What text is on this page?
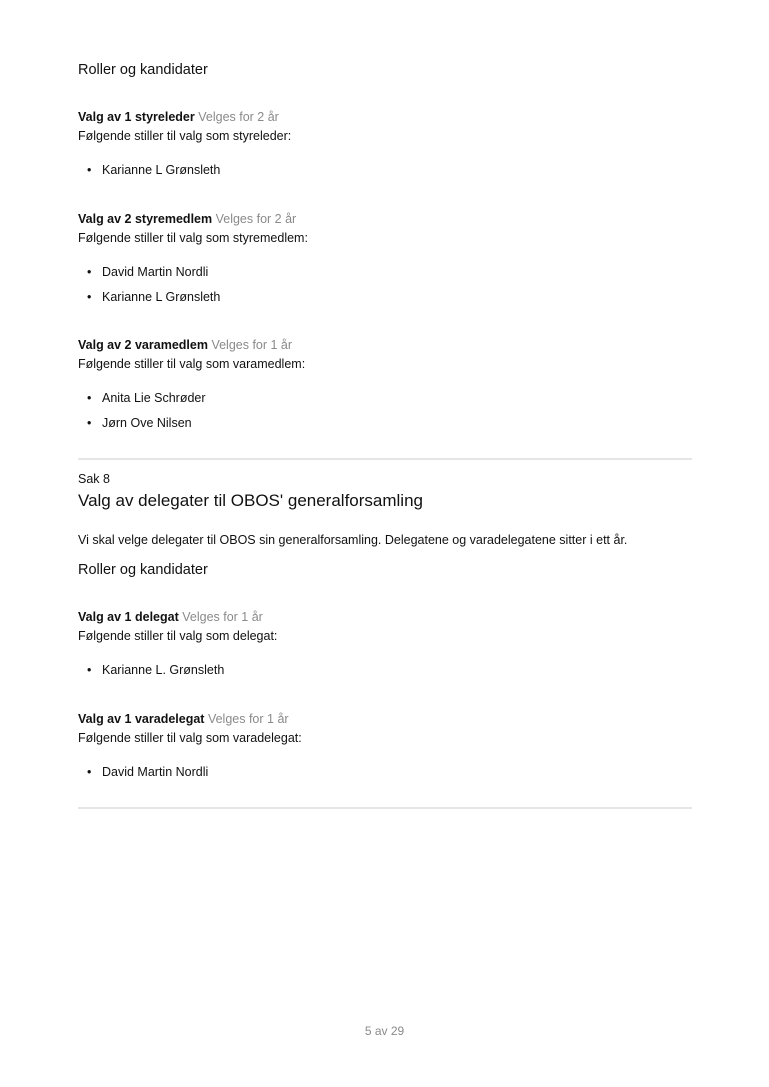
Roller og kandidater
Valg av 1 styreleder Velges for 2 år
Følgende stiller til valg som styreleder:
• Karianne L Grønsleth
Valg av 2 styremedlem Velges for 2 år
Følgende stiller til valg som styremedlem:
• David Martin Nordli
• Karianne L Grønsleth
Valg av 2 varamedlem Velges for 1 år
Følgende stiller til valg som varamedlem:
• Anita Lie Schrøder
• Jørn Ove Nilsen
Sak 8
Valg av delegater til OBOS' generalforsamling
Vi skal velge delegater til OBOS sin generalforsamling. Delegatene og varadelegatene sitter i ett år.
Roller og kandidater
Valg av 1 delegat Velges for 1 år
Følgende stiller til valg som delegat:
• Karianne L. Grønsleth
Valg av 1 varadelegat Velges for 1 år
Følgende stiller til valg som varadelegat:
• David Martin Nordli
5 av 29
